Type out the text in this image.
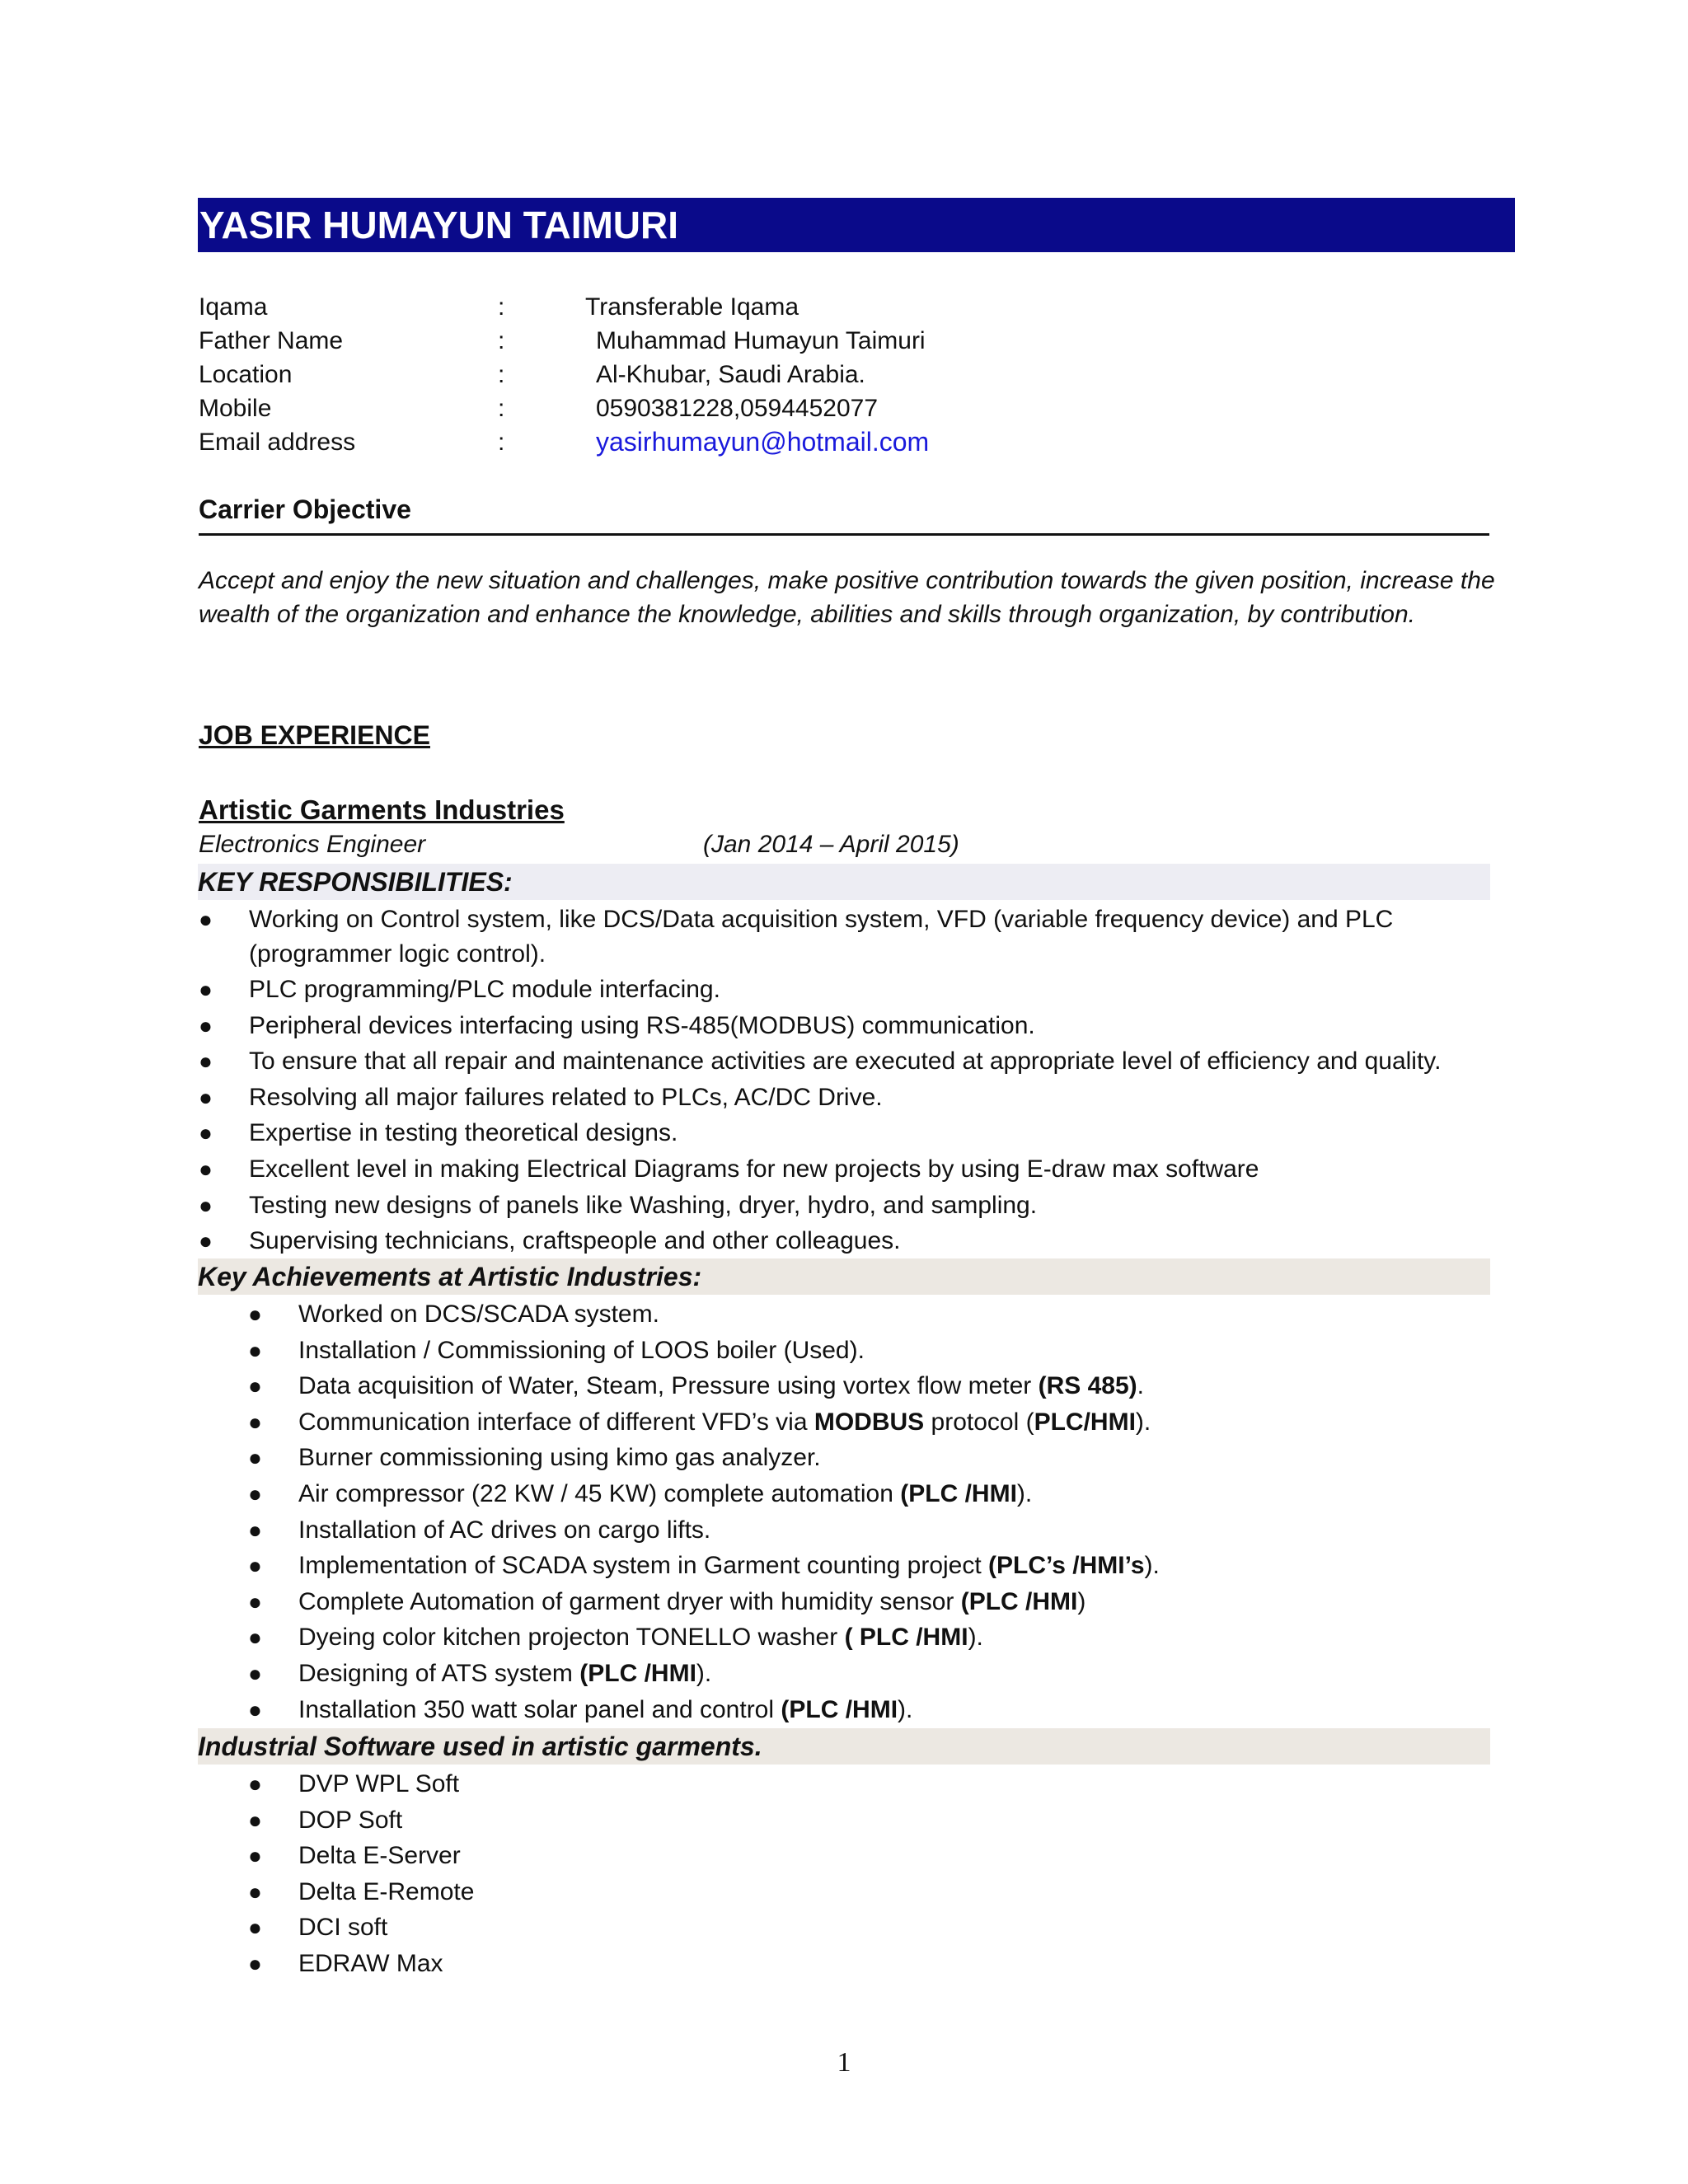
YASIR HUMAYUN TAIMURI
Iqama	:	Transferable Iqama
Father Name	:	Muhammad Humayun Taimuri
Location	:	Al-Khubar, Saudi Arabia.
Mobile	:	0590381228,0594452077
Email address	:	yasirhumayun@hotmail.com
Carrier Objective
Accept and enjoy the new situation and challenges, make positive contribution towards the given position, increase the wealth of the organization and enhance the knowledge, abilities and skills through organization, by contribution.
JOB EXPERIENCE
Artistic Garments Industries
Electronics Engineer	(Jan 2014 – April 2015)
KEY RESPONSIBILITIES:
● Working on Control system, like DCS/Data acquisition system, VFD (variable frequency device) and PLC (programmer logic control).
● PLC programming/PLC module interfacing.
● Peripheral devices interfacing using RS-485(MODBUS) communication.
● To ensure that all repair and maintenance activities are executed at appropriate level of efficiency and quality.
● Resolving all major failures related to PLCs, AC/DC Drive.
● Expertise in testing theoretical designs.
● Excellent level in making Electrical Diagrams for new projects by using E-draw max software
● Testing new designs of panels like Washing, dryer, hydro, and sampling.
● Supervising technicians, craftspeople and other colleagues.
Key Achievements at Artistic Industries:
● Worked on DCS/SCADA system.
● Installation / Commissioning of LOOS boiler (Used).
● Data acquisition of Water, Steam, Pressure using vortex flow meter (RS 485).
● Communication interface of different VFD’s via MODBUS protocol (PLC/HMI).
● Burner commissioning using kimo gas analyzer.
● Air compressor (22 KW / 45 KW) complete automation (PLC /HMI).
● Installation of AC drives on cargo lifts.
● Implementation of SCADA system in Garment counting project (PLC’s /HMI’s).
● Complete Automation of garment dryer with humidity sensor (PLC /HMI)
● Dyeing color kitchen projecton TONELLO washer ( PLC /HMI).
● Designing of ATS system (PLC /HMI).
● Installation 350 watt solar panel and control (PLC /HMI).
Industrial Software used in artistic garments.
● DVP WPL Soft
● DOP Soft
● Delta E-Server
● Delta E-Remote
● DCI soft
● EDRAW Max
1
